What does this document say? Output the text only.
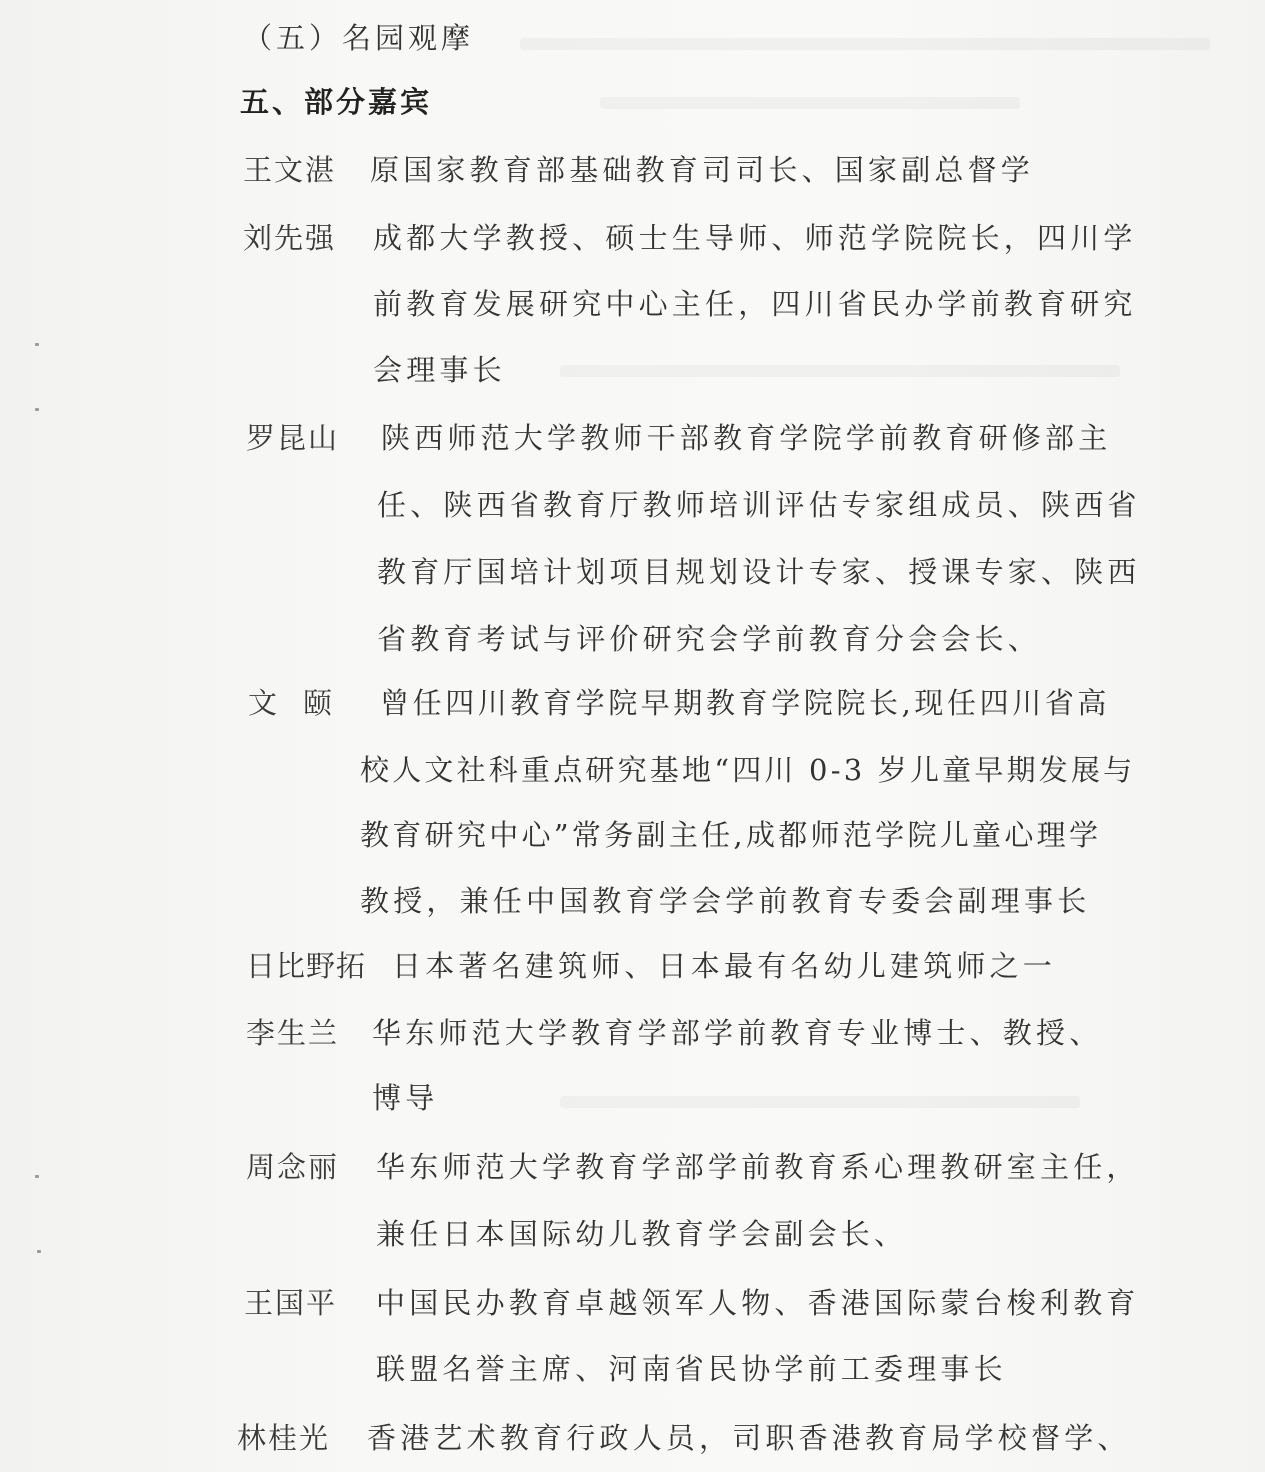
（五）名园观摩
五、部分嘉宾
王文湛 原国家教育部基础教育司司长、国家副总督学
刘先强 成都大学教授、硕士生导师、师范学院院长，四川学
前教育发展研究中心主任，四川省民办学前教育研究
会理事长
罗昆山 陕西师范大学教师干部教育学院学前教育研修部主
任、陕西省教育厅教师培训评估专家组成员、陕西省
教育厅国培计划项目规划设计专家、授课专家、陕西
省教育考试与评价研究会学前教育分会会长、
文颐 曾任四川教育学院早期教育学院院长,现任四川省高
校人文社科重点研究基地“四川 0-3 岁儿童早期发展与
教育研究中心”常务副主任,成都师范学院儿童心理学
教授，兼任中国教育学会学前教育专委会副理事长
日比野拓 日本著名建筑师、日本最有名幼儿建筑师之一
李生兰 华东师范大学教育学部学前教育专业博士、教授、
博导
周念丽 华东师范大学教育学部学前教育系心理教研室主任，
兼任日本国际幼儿教育学会副会长、
王国平 中国民办教育卓越领军人物、香港国际蒙台梭利教育
联盟名誉主席、河南省民协学前工委理事长
林桂光 香港艺术教育行政人员，司职香港教育局学校督学、
